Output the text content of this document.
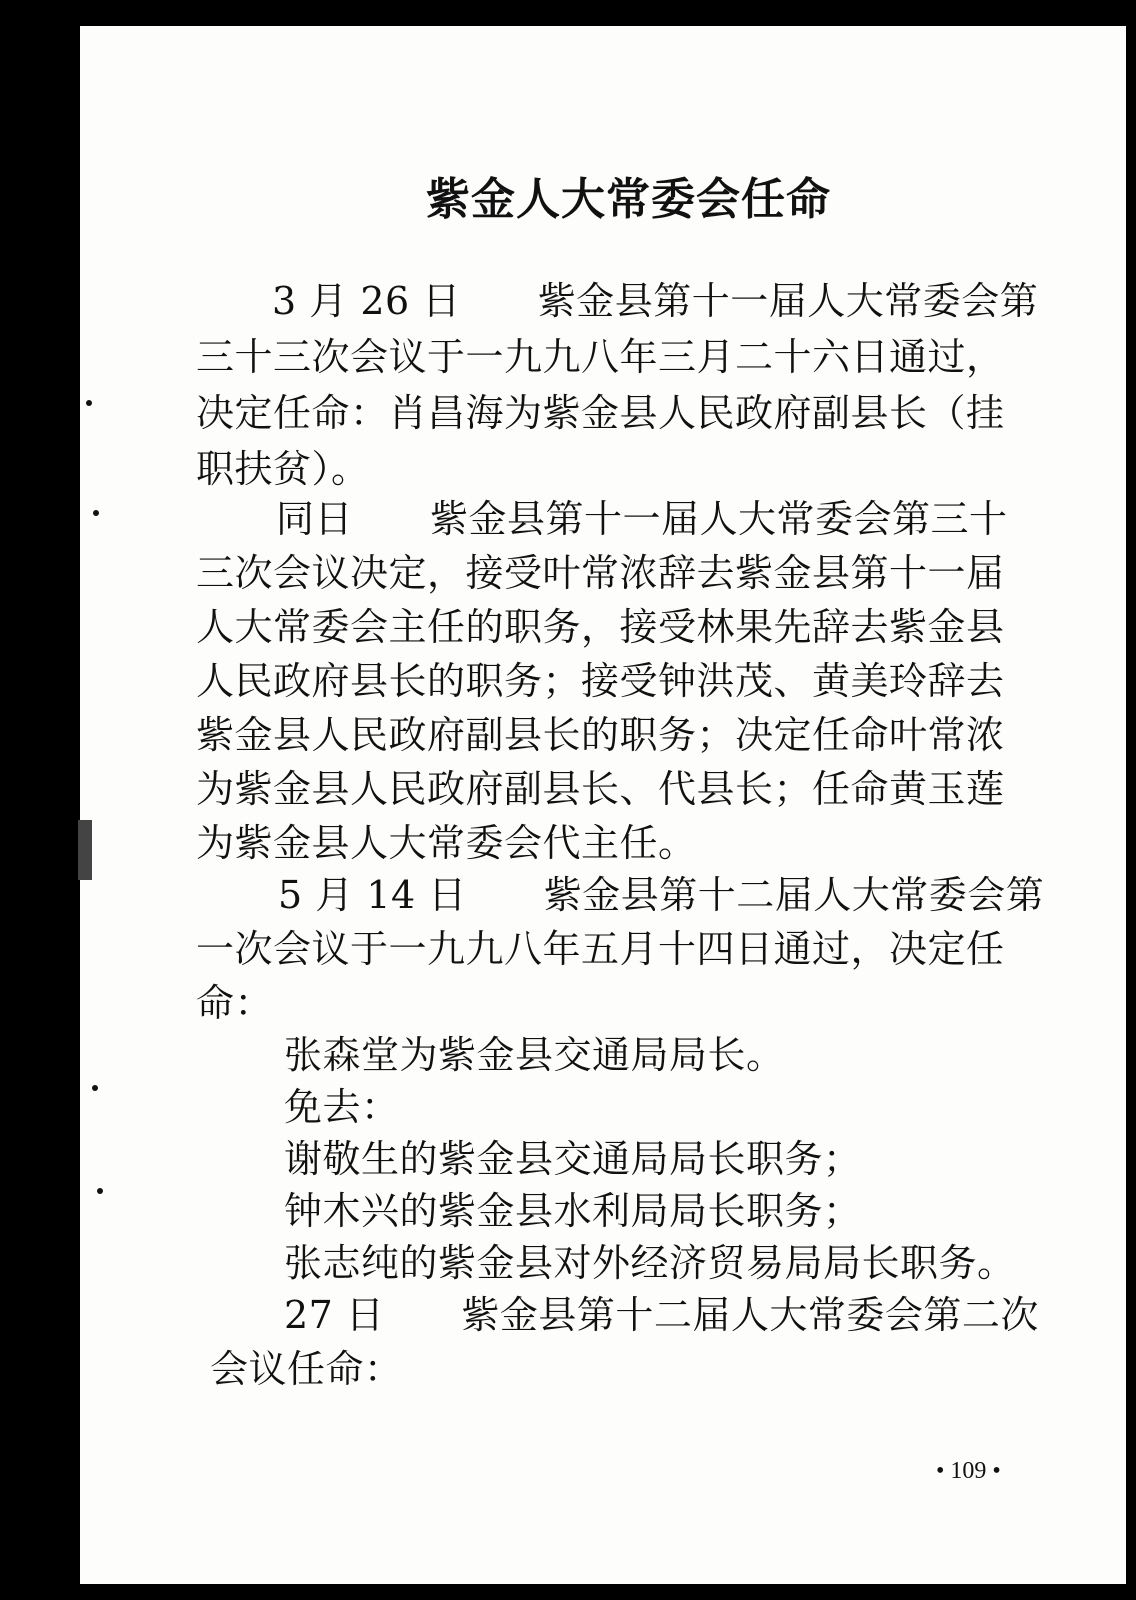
紫金人大常委会任命
3 月 26 日　　紫金县第十一届人大常委会第
三十三次会议于一九九八年三月二十六日通过，
决定任命：肖昌海为紫金县人民政府副县长（挂
职扶贫）。
同日　　紫金县第十一届人大常委会第三十
三次会议决定，接受叶常浓辞去紫金县第十一届
人大常委会主任的职务，接受林果先辞去紫金县
人民政府县长的职务；接受钟洪茂、黄美玲辞去
紫金县人民政府副县长的职务；决定任命叶常浓
为紫金县人民政府副县长、代县长；任命黄玉莲
为紫金县人大常委会代主任。
5 月 14 日　　紫金县第十二届人大常委会第
一次会议于一九九八年五月十四日通过，决定任
命：
张森堂为紫金县交通局局长。
免去：
谢敬生的紫金县交通局局长职务；
钟木兴的紫金县水利局局长职务；
张志纯的紫金县对外经济贸易局局长职务。
27 日　　紫金县第十二届人大常委会第二次
会议任命：
• 109 •
